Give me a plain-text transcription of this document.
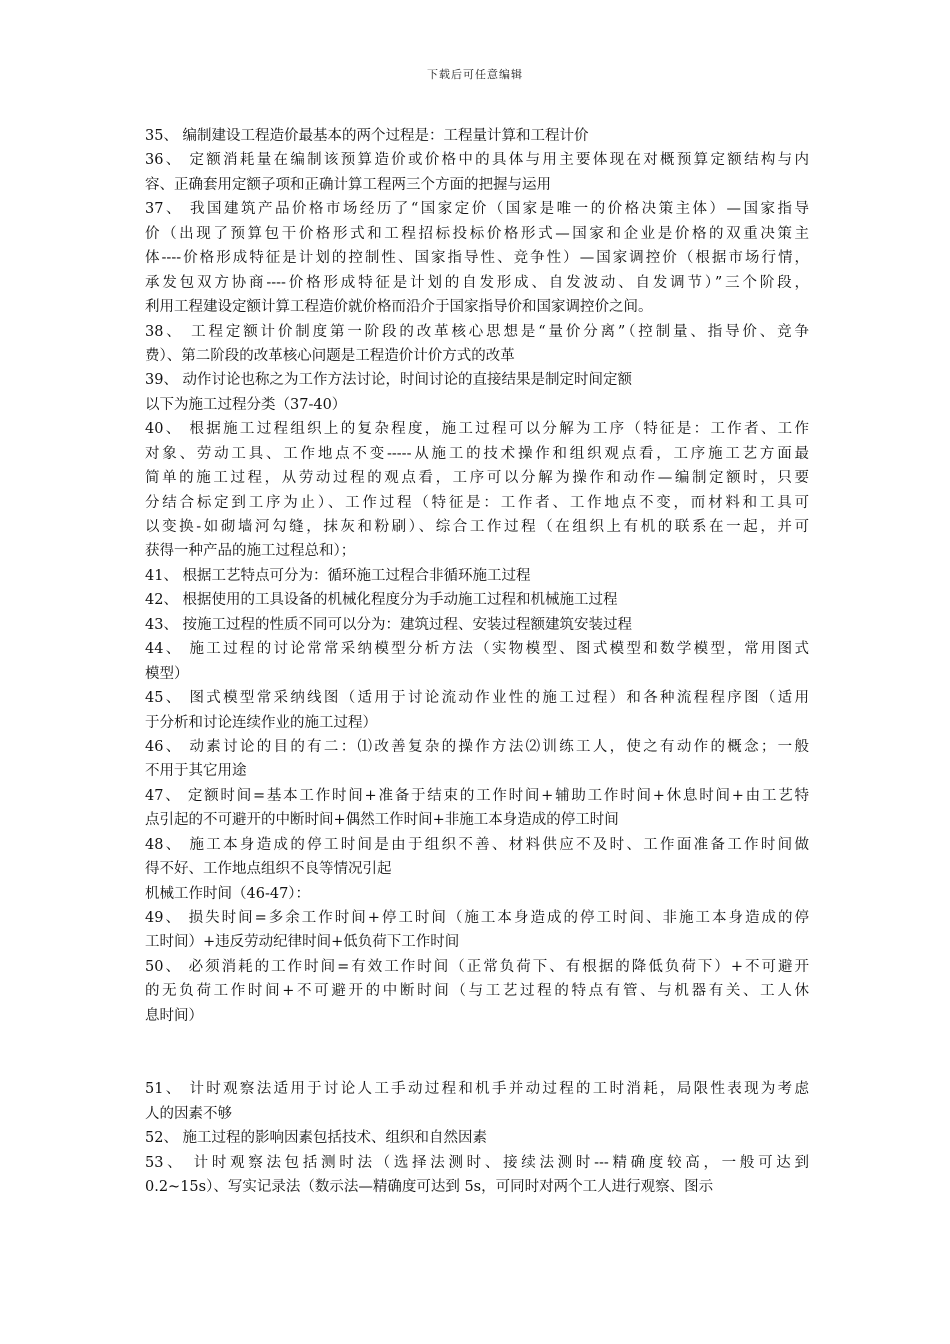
下载后可任意编辑
35、 编制建设工程造价最基本的两个过程是：工程量计算和工程计价
36、 定额消耗量在编制该预算造价或价格中的具体与用主要体现在对概预算定额结构与内
容、正确套用定额子项和正确计算工程两三个方面的把握与运用
37、 我国建筑产品价格市场经历了“国家定价（国家是唯一的价格决策主体）—国家指导
价（出现了预算包干价格形式和工程招标投标价格形式—国家和企业是价格的双重决策主
体----价格形成特征是计划的控制性、国家指导性、竞争性）—国家调控价（根据市场行情，
承发包双方协商----价格形成特征是计划的自发形成、自发波动、自发调节）”三个阶段，
利用工程建设定额计算工程造价就价格而沿介于国家指导价和国家调控价之间。
38、 工程定额计价制度第一阶段的改革核心思想是“量价分离”（控制量、指导价、竞争
费）、第二阶段的改革核心问题是工程造价计价方式的改革
39、 动作讨论也称之为工作方法讨论，时间讨论的直接结果是制定时间定额
以下为施工过程分类（37-40）
40、 根据施工过程组织上的复杂程度，施工过程可以分解为工序（特征是：工作者、工作
对象、劳动工具、工作地点不变-----从施工的技术操作和组织观点看，工序施工艺方面最
简单的施工过程，从劳动过程的观点看，工序可以分解为操作和动作—编制定额时，只要
分结合标定到工序为止）、工作过程（特征是：工作者、工作地点不变，而材料和工具可
以变换-如砌墙河勾缝，抹灰和粉刷）、综合工作过程（在组织上有机的联系在一起，并可
获得一种产品的施工过程总和）；
41、 根据工艺特点可分为：循环施工过程合非循环施工过程
42、 根据使用的工具设备的机械化程度分为手动施工过程和机械施工过程
43、 按施工过程的性质不同可以分为：建筑过程、安装过程额建筑安装过程
44、 施工过程的讨论常常采纳模型分析方法（实物模型、图式模型和数学模型，常用图式
模型）
45、 图式模型常采纳线图（适用于讨论流动作业性的施工过程）和各种流程程序图（适用
于分析和讨论连续作业的施工过程）
46、 动素讨论的目的有二：⑴改善复杂的操作方法⑵训练工人，使之有动作的概念；一般
不用于其它用途
47、 定额时间=基本工作时间+准备于结束的工作时间+辅助工作时间+休息时间+由工艺特
点引起的不可避开的中断时间+偶然工作时间+非施工本身造成的停工时间
48、 施工本身造成的停工时间是由于组织不善、材料供应不及时、工作面准备工作时间做
得不好、工作地点组织不良等情况引起
机械工作时间（46-47）：
49、 损失时间=多余工作时间+停工时间（施工本身造成的停工时间、非施工本身造成的停
工时间）+违反劳动纪律时间+低负荷下工作时间
50、 必须消耗的工作时间=有效工作时间（正常负荷下、有根据的降低负荷下）+不可避开
的无负荷工作时间+不可避开的中断时间（与工艺过程的特点有管、与机器有关、工人休
息时间）
51、 计时观察法适用于讨论人工手动过程和机手并动过程的工时消耗，局限性表现为考虑
人的因素不够
52、 施工过程的影响因素包括技术、组织和自然因素
53、 计时观察法包括测时法（选择法测时、接续法测时---精确度较高，一般可达到
0.2~15s）、写实记录法（数示法—精确度可达到 5s，可同时对两个工人进行观察、图示
